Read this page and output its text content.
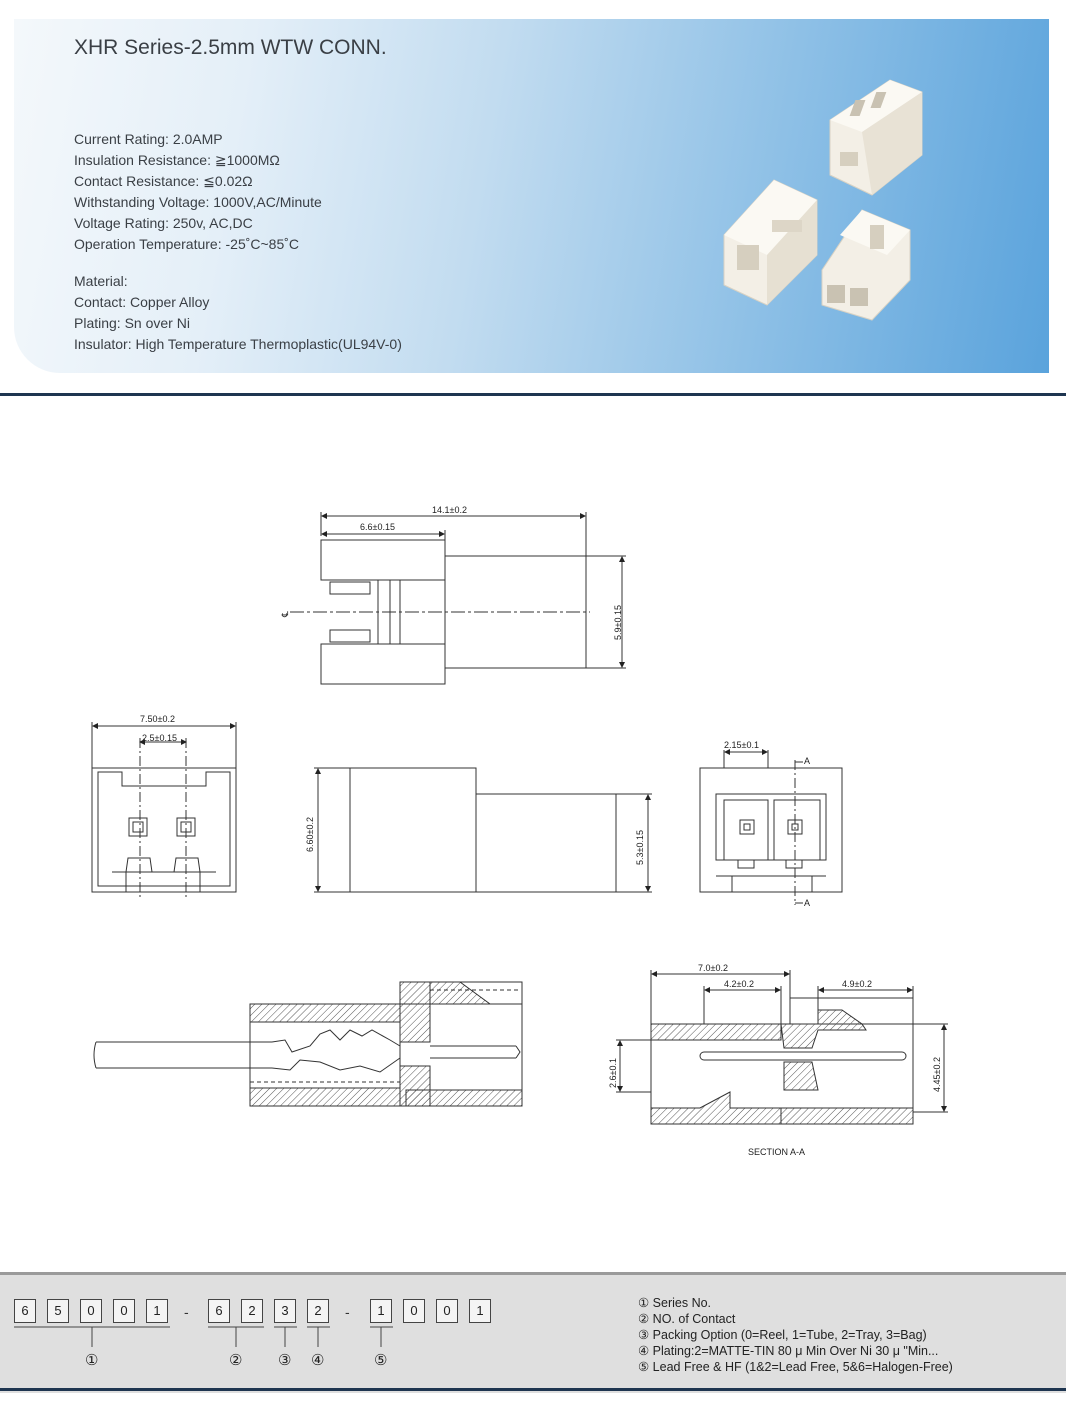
XHR Series-2.5mm WTW CONN.
Current Rating: 2.0AMP
Insulation Resistance: ≧1000MΩ
Contact Resistance: ≦0.02Ω
Withstanding Voltage: 1000V,AC/Minute
Voltage Rating: 250v, AC,DC
Operation Temperature: -25˚C~85˚C
Material:
Contact: Copper Alloy
Plating: Sn over Ni
Insulator: High Temperature Thermoplastic(UL94V-0)
14.1±0.2
6.6±0.15
5.9±0.15
℄
7.50±0.2
2.5±0.15
6.60±0.2	5.3±0.15
2.15±0.1
A
A
7.0±0.2
4.2±0.2	4.9±0.2
2.6±0.1	4.45±0.2
SECTION A-A
6	5	0	0	1	-	6	2	3	2	-	1	0	0	1
①	② ③ ④	⑤
① Series No.
② NO. of Contact
③ Packing Option (0=Reel, 1=Tube, 2=Tray, 3=Bag)
④ Plating:2=MATTE-TIN 80 μ Min Over Ni 30 μ "Min...
⑤ Lead Free & HF (1&2=Lead Free, 5&6=Halogen-Free)
